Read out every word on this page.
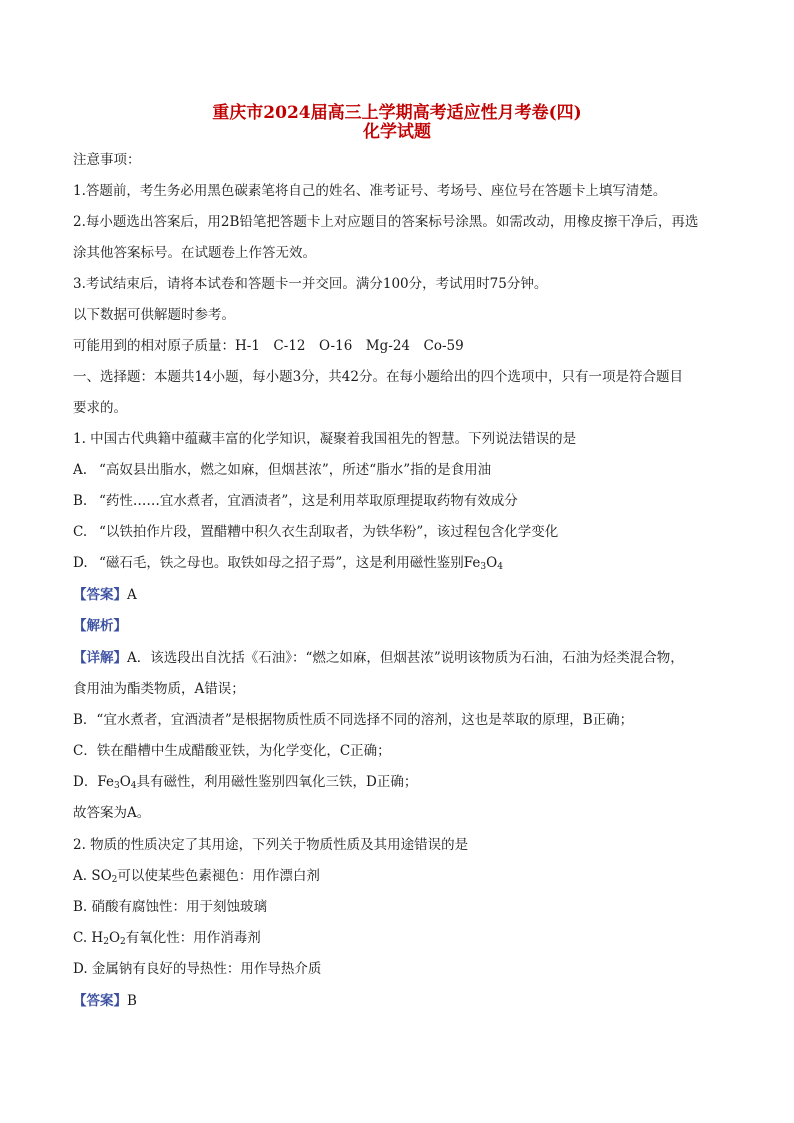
重庆市2024届高三上学期高考适应性月考卷(四)
化学试题
注意事项：
1.答题前，考生务必用黑色碳素笔将自己的姓名、准考证号、考场号、座位号在答题卡上填写清楚。
2.每小题选出答案后，用2B铅笔把答题卡上对应题目的答案标号涂黑。如需改动，用橡皮擦干净后，再选
涂其他答案标号。在试题卷上作答无效。
3.考试结束后，请将本试卷和答题卡一并交回。满分100分，考试用时75分钟。
以下数据可供解题时参考。
可能用到的相对原子质量：H-1　C-12　O-16　Mg-24　Co-59
一、选择题：本题共14小题，每小题3分，共42分。在每小题给出的四个选项中，只有一项是符合题目
要求的。
1. 中国古代典籍中蕴藏丰富的化学知识，凝聚着我国祖先的智慧。下列说法错误的是
A. “高奴县出脂水，燃之如麻，但烟甚浓”，所述“脂水”指的是食用油
B. “药性……宜水煮者，宜酒渍者”，这是利用萃取原理提取药物有效成分
C. “以铁拍作片段，置醋糟中积久衣生刮取者，为铁华粉”，该过程包含化学变化
D. “磁石毛，铁之母也。取铁如母之招子焉”，这是利用磁性鉴别$Fe_3O_4$
【答案】A
【解析】
【详解】A．该选段出自沈括《石油》：“燃之如麻，但烟甚浓”说明该物质为石油，石油为烃类混合物，
食用油为酯类物质，A错误；
B．“宜水煮者，宜酒渍者”是根据物质性质不同选择不同的溶剂，这也是萃取的原理，B正确；
C．铁在醋槽中生成醋酸亚铁，为化学变化，C正确；
D．$Fe_3O_4$具有磁性，利用磁性鉴别四氧化三铁，D正确；
故答案为A。
2. 物质的性质决定了其用途，下列关于物质性质及其用途错误的是
A. $SO_2$可以使某些色素褪色：用作漂白剂
B. 硝酸有腐蚀性：用于刻蚀玻璃
C. $H_2O_2$有氧化性：用作消毒剂
D. 金属钠有良好的导热性：用作导热介质
【答案】B
